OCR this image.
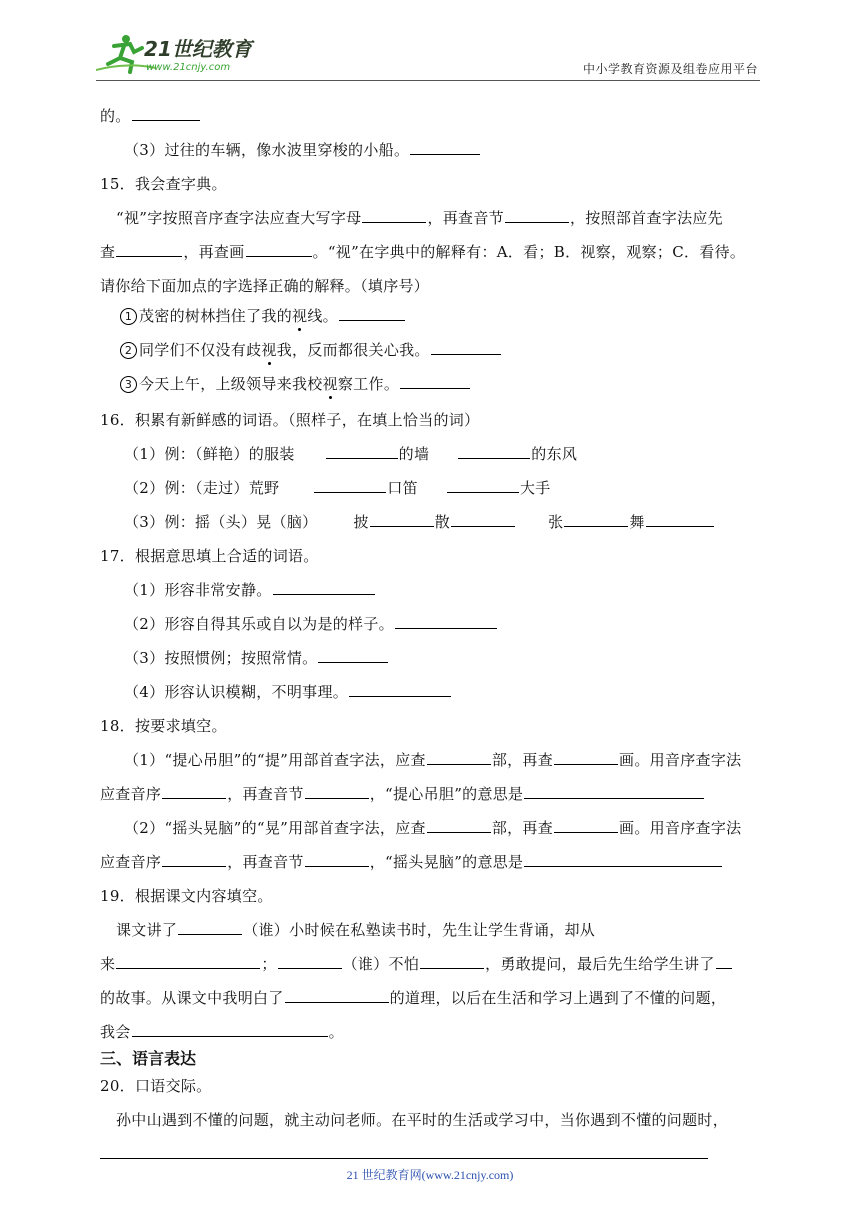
21世纪教育
www.21cnjy.com	中小学教育资源及组卷应用平台
的。
（3）过往的车辆，像水波里穿梭的小船。
15．我会查字典。
“视”字按照音序查字法应查大写字母	，再查音节	，按照部首查字法应先
查	，再查画	。“视”在字典中的解释有：A．看；B．视察，观察；C．看待。
请你给下面加点的字选择正确的解释。（填序号）
1 茂密的树林挡住了我的视线。
2 同学们不仅没有歧视我，反而都很关心我。
3 今天上午，上级领导来我校视察工作。
16．积累有新鲜感的词语。（照样子，在填上恰当的词）
（1）例：（鲜艳）的服装	的墙	的东风
（2）例：（走过）荒野	口笛	大手
（3）例：摇（头）晃（脑） 披	散	张	舞
17．根据意思填上合适的词语。
（1）形容非常安静。
（2）形容自得其乐或自以为是的样子。
（3）按照惯例；按照常情。
（4）形容认识模糊，不明事理。
18．按要求填空。
（1）“提心吊胆”的“提”用部首查字法，应查	部，再查	画。用音序查字法
应查音序	，再查音节	，“提心吊胆”的意思是
（2）“摇头晃脑”的“晃”用部首查字法，应查	部，再查	画。用音序查字法
应查音序	，再查音节	，“摇头晃脑”的意思是
19．根据课文内容填空。
课文讲了	（谁）小时候在私塾读书时，先生让学生背诵，却从
来	；	（谁）不怕	，勇敢提问，最后先生给学生讲了
的故事。从课文中我明白了	的道理，以后在生活和学习上遇到了不懂的问题，
我会	。
三、语言表达
20．口语交际。
孙中山遇到不懂的问题，就主动问老师。在平时的生活或学习中，当你遇到不懂的问题时，
21 世纪教育网(www.21cnjy.com)
